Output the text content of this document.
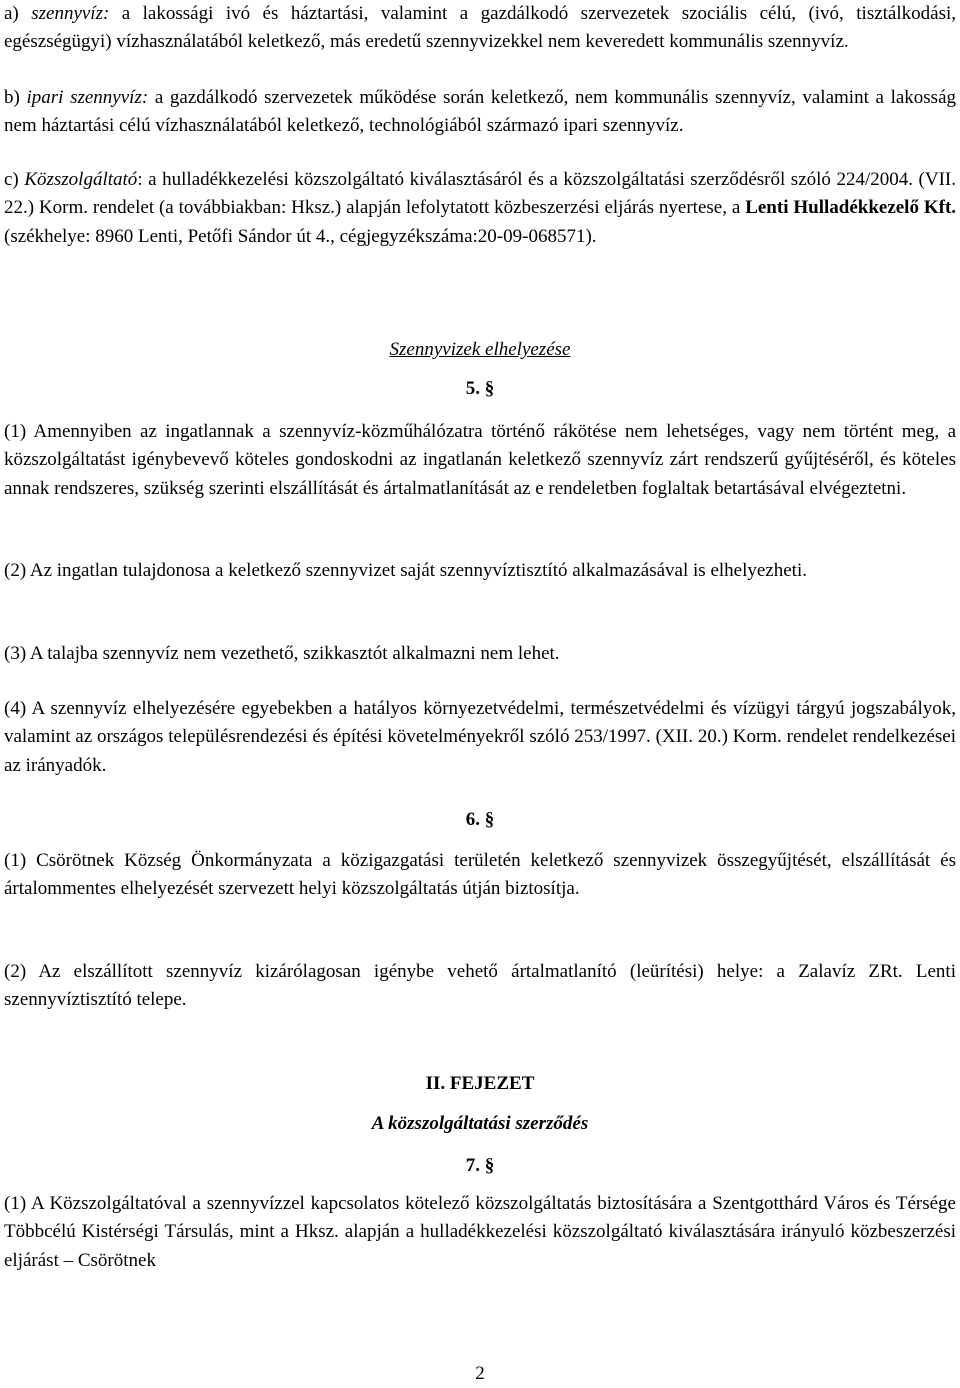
a) szennyvíz: a lakossági ivó és háztartási, valamint a gazdálkodó szervezetek szociális célú, (ivó, tisztálkodási, egészségügyi) vízhasználatából keletkező, más eredetű szennyvizekkel nem keveredett kommunális szennyvíz.

b) ipari szennyvíz: a gazdálkodó szervezetek működése során keletkező, nem kommunális szennyvíz, valamint a lakosság nem háztartási célú vízhasználatából keletkező, technológiából származó ipari szennyvíz.

c) Közszolgáltató: a hulladékkezelési közszolgáltató kiválasztásáról és a közszolgáltatási szerződésről szóló 224/2004. (VII. 22.) Korm. rendelet (a továbbiakban: Hksz.) alapján lefolytatott közbeszerzési eljárás nyertese, a Lenti Hulladékkezelő Kft. (székhelye: 8960 Lenti, Petőfi Sándor út 4., cégjegyzékszáma:20-09-068571).

Szennyvizek elhelyezése

5. §

(1) Amennyiben az ingatlannak a szennyvíz-közműhálózatra történő rákötése nem lehetséges, vagy nem történt meg, a közszolgáltatást igénybevevő köteles gondoskodni az ingatlanán keletkező szennyvíz zárt rendszerű gyűjtéséről, és köteles annak rendszeres, szükség szerinti elszállítását és ártalmatlanítását az e rendeletben foglaltak betartásával elvégeztetni.

(2) Az ingatlan tulajdonosa a keletkező szennyvizet saját szennyvíztisztító alkalmazásával is elhelyezheti.

(3) A talajba szennyvíz nem vezethető, szikkasztót alkalmazni nem lehet.

(4) A szennyvíz elhelyezésére egyebekben a hatályos környezetvédelmi, természetvédelmi és vízügyi tárgyú jogszabályok, valamint az országos településrendezési és építési követelményekről szóló 253/1997. (XII. 20.) Korm. rendelet rendelkezései az irányadók.

6. §

(1) Csörötnek Község Önkormányzata a közigazgatási területén keletkező szennyvizek összegyűjtését, elszállítását és ártalommentes elhelyezését szervezett helyi közszolgáltatás útján biztosítja.

(2) Az elszállított szennyvíz kizárólagosan igénybe vehető ártalmatlanító (leürítési) helye: a Zalavíz ZRt. Lenti szennyvíztisztító telepe.

II. FEJEZET

A közszolgáltatási szerződés

7. §

(1) A Közszolgáltatóval a szennyvízzel kapcsolatos kötelező közszolgáltatás biztosítására a Szentgotthárd Város és Térsége Többcélú Kistérségi Társulás, mint a Hksz. alapján a hulladékkezelési közszolgáltató kiválasztására irányuló közbeszerzési eljárást – Csörötnek

2
